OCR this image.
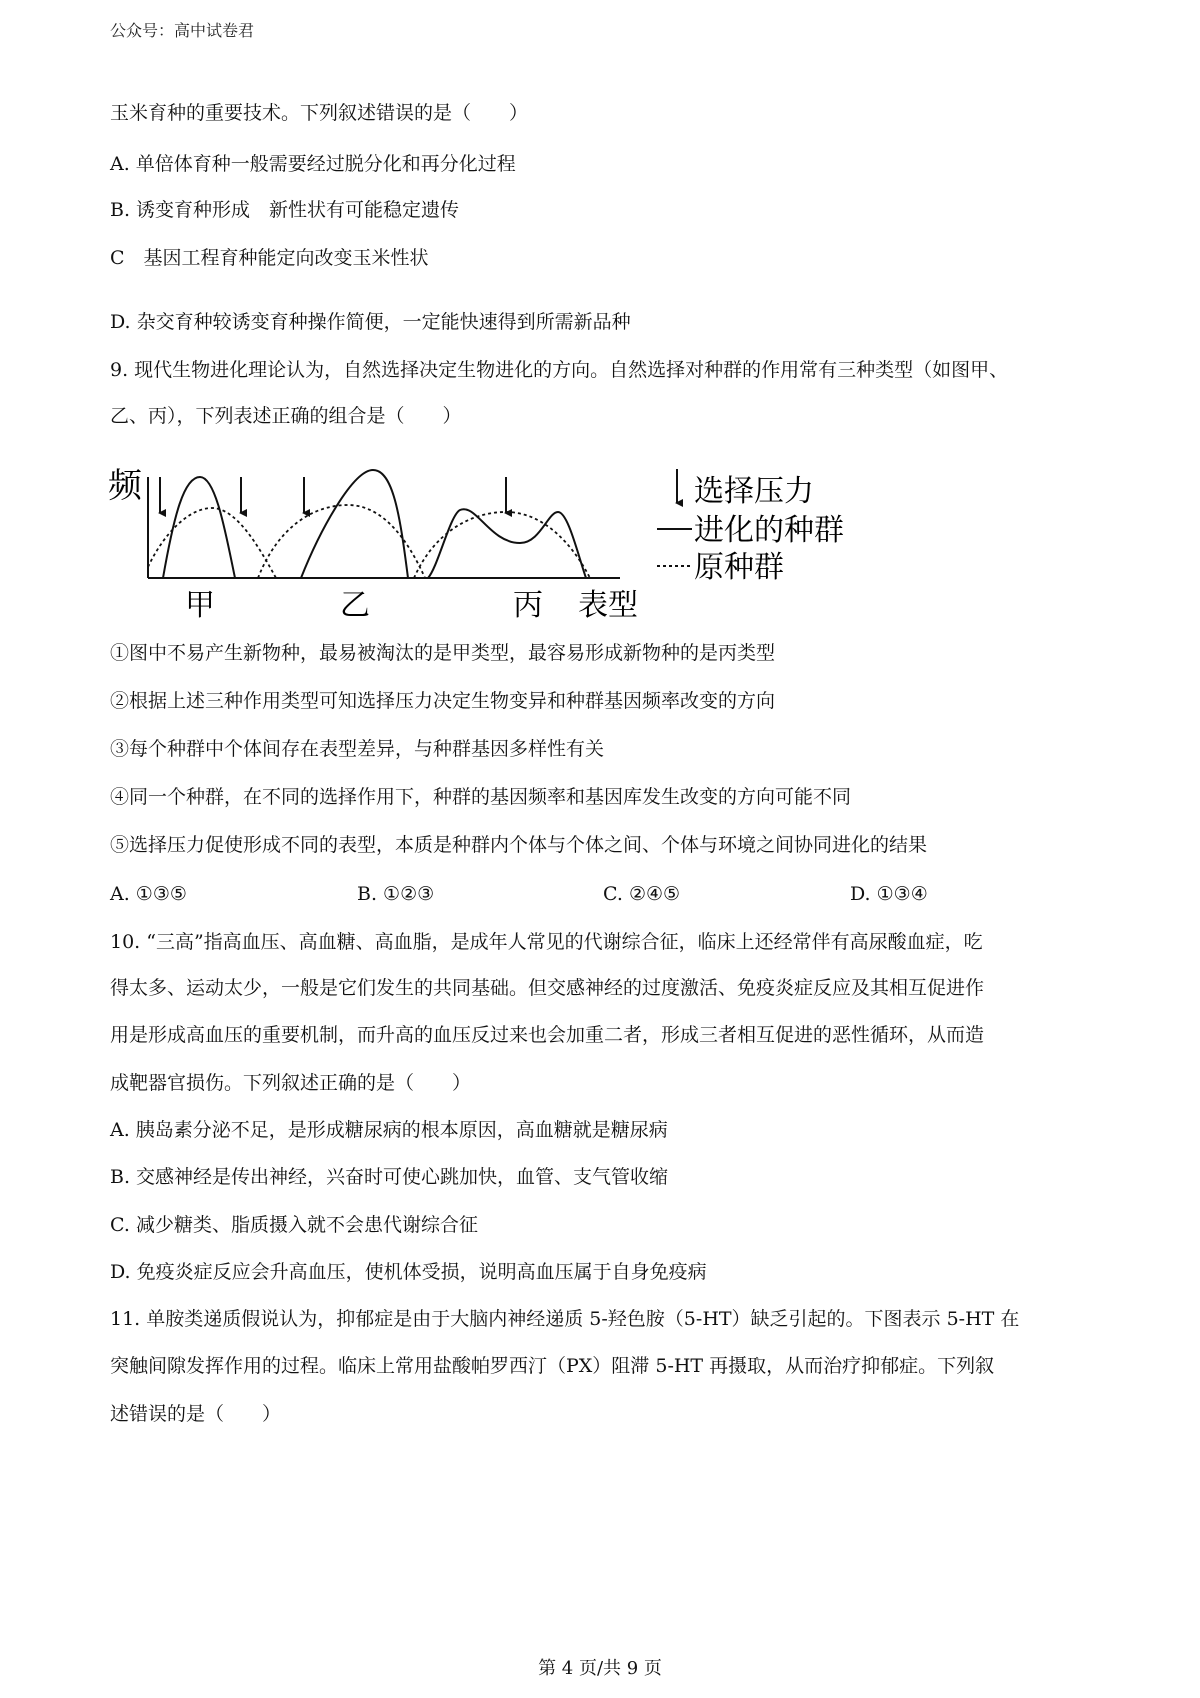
公众号：高中试卷君
玉米育种的重要技术。下列叙述错误的是（　　）
A. 单倍体育种一般需要经过脱分化和再分化过程
B. 诱变育种形成　新性状有可能稳定遗传
C　基因工程育种能定向改变玉米性状
D. 杂交育种较诱变育种操作简便，一定能快速得到所需新品种
9. 现代生物进化理论认为，自然选择决定生物进化的方向。自然选择对种群的作用常有三种类型（如图甲、
乙、丙），下列表述正确的组合是（　　）
频
甲	乙	丙 表型
选择压力
进化的种群
原种群
①图中不易产生新物种，最易被淘汰的是甲类型，最容易形成新物种的是丙类型
②根据上述三种作用类型可知选择压力决定生物变异和种群基因频率改变的方向
③每个种群中个体间存在表型差异，与种群基因多样性有关
④同一个种群，在不同的选择作用下，种群的基因频率和基因库发生改变的方向可能不同
⑤选择压力促使形成不同的表型，本质是种群内个体与个体之间、个体与环境之间协同进化的结果
A. ①③⑤	B. ①②③	C. ②④⑤	D. ①③④
10. “三高”指高血压、高血糖、高血脂，是成年人常见的代谢综合征，临床上还经常伴有高尿酸血症，吃
得太多、运动太少，一般是它们发生的共同基础。但交感神经的过度激活、免疫炎症反应及其相互促进作
用是形成高血压的重要机制，而升高的血压反过来也会加重二者，形成三者相互促进的恶性循环，从而造
成靶器官损伤。下列叙述正确的是（　　）
A. 胰岛素分泌不足，是形成糖尿病的根本原因，高血糖就是糖尿病
B. 交感神经是传出神经，兴奋时可使心跳加快，血管、支气管收缩
C. 减少糖类、脂质摄入就不会患代谢综合征
D. 免疫炎症反应会升高血压，使机体受损，说明高血压属于自身免疫病
11. 单胺类递质假说认为，抑郁症是由于大脑内神经递质 5-羟色胺（5-HT）缺乏引起的。下图表示 5-HT 在
突触间隙发挥作用的过程。临床上常用盐酸帕罗西汀（PX）阻滞 5-HT 再摄取，从而治疗抑郁症。下列叙
述错误的是（　　）
第 4 页/共 9 页
